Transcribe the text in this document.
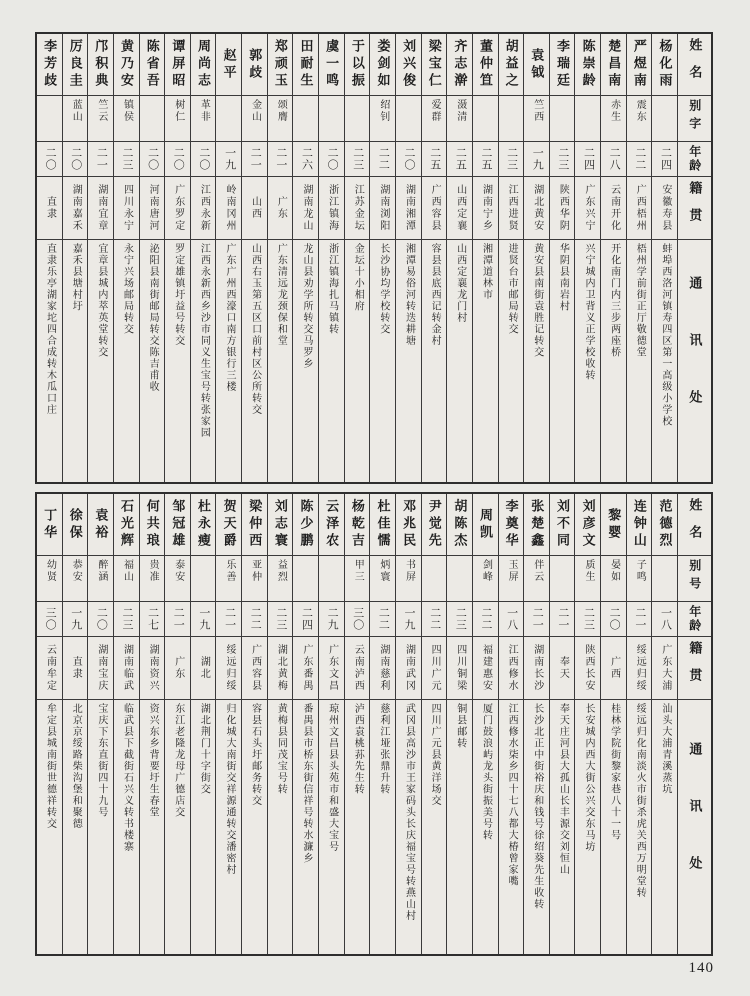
姓名
别字
年龄
籍贯
通讯处
杨化雨
二四
安徽寿县
蚌埠西洛河镇寿四区第一高级小学校
严煜南
震东
二二
广西梧州
梧州学前街正厅敬德堂
楚昌南
赤生
二八
云南开化
开化南门内三步两座桥
陈崇龄
二四
广东兴宁
兴宁城内卫背义正学校收转
李瑞廷
二三
陕西华阴
华阴县南岩村
袁钺
竺西
一九
湖北黄安
黄安县南街袁胜记转交
胡益之
二三
江西进贤
进贤台市邮局转交
董仲笪
二五
湖南宁乡
湘潭道林市
齐志澣
滠清
二五
山西定襄
山西定襄龙门村
梁宝仁
爱群
二五
广西容县
容县县底西记转金村
刘兴俊
二〇
湖南湘潭
湘潭易俗河转迭耕塘
娄剑如
绍钊
二二
湖南浏阳
长沙协均学校转交
于以振
二三
江苏金坛
金坛十小相府
虞一鸣
二〇
浙江镇海
浙江镇海扎马镇转
田耐生
二六
湖南龙山
龙山县劝学所转交马罗乡
郑顽玉
颂膺
二一
广东
广东清远龙颈保和堂
郭歧
金山
二一
山西
山西右玉第五区口前村区公所转交
赵平
一九
岭南冈州
广东广州西濠口南方银行三楼
周尚志
革非
二〇
江西永新
江西永新西乡沙市同义生宝号转张家园
谭屏昭
树仁
二〇
广东罗定
罗定雄镇圩益号转交
陈省吾
二〇
河南唐河
泌阳县南街邮局转交陈吉甫收
黄乃安
镇侯
二三
四川永宁
永宁兴场邮局转交
邝积典
竺云
二一
湖南宜章
宜章县城内萃英堂转交
厉良圭
蓝山
二〇
湖南嘉禾
嘉禾县塘村圩
李芳歧
二〇
直隶
直隶乐亭湖家坨四合成转木瓜口庄
姓名
别号
年龄
籍贯
通讯处
范德烈
一八
广东大浦
汕头大浦青溪蒸坑
连钟山
子鸣
二一
绥远归绥
绥远归化南淡火市街杀虎关西万明堂转
黎婴
晏如
二〇
广西
桂林学院街黎家巷八十一号
刘彦文
质生
二三
陕西长安
长安城内西大街公兴交东马坊
刘不同
二一
奉天
奉天庄河县大孤山长丰源交刘恒山
张楚鑫
伴云
二一
湖南长沙
长沙北正中街裕庆和钱号徐绍葵先生收转
李奠华
玉屏
一八
江西修水
江西修水柒乡四十七八都大椿曾家嘴
周凯
剑峰
二二
福建惠安
厦门鼓浪屿龙头街振美号转
胡陈杰
二三
四川铜梁
铜县邮转
尹觉先
二二
四川广元
四川广元县黄洋场交
邓兆民
书屏
一九
湖南武冈
武冈县高沙市王家码头长庆福宝号转燕山村
杜佳懦
炳寰
二二
湖南慈利
慈利江垭张鼎升转
杨乾吉
甲三
三〇
云南泸西
泸西袁桃荪先生转
云泽农
二九
广东文昌
琼州文昌县头苑市和盛大宝号
陈少鹏
二四
广东番禺
番禺县市桥东街信祥号转水濂乡
刘志寰
益烈
二三
湖北黄梅
黄梅县同茂宝号转
梁仲西
亚仲
二二
广西容县
容县石头圩邮务转交
贺天爵
乐善
二一
绥远归绥
归化城大南街交祥源通转交潘密村
杜永瘦
一九
湖北
湖北荆门十字街交
邹冠雄
泰安
二一
广东
东江老隆龙母广德店交
何共琅
贵准
二七
湖南资兴
资兴东乡背要圩生春堂
石光辉
福山
二三
湖南临武
临武县下截街石兴义转书楼寨
袁裕
醉涵
二〇
湖南宝庆
宝庆下东直街四十九号
徐保
恭安
一九
直隶
北京京绥路柴沟堡和聚德
丁华
幼贤
三〇
云南牟定
牟定县城南街世德祥转交
140
